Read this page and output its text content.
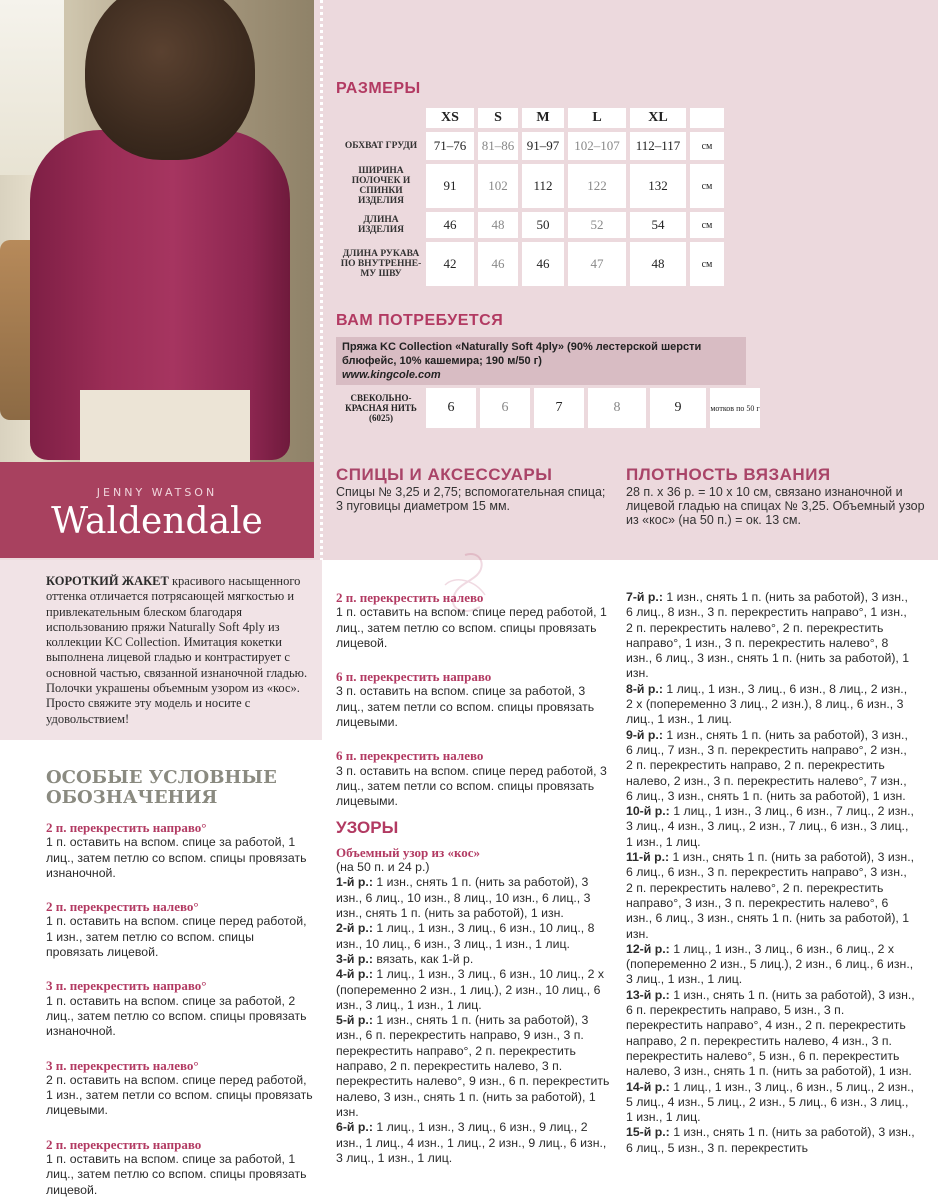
JENNY WATSON
Waldendale
РАЗМЕРЫ
	XS	S	M	L	XL	
ОБХВАТ ГРУДИ	71–76	81–86	91–97	102–107	112–117	см
ШИРИНА ПОЛОЧЕК И СПИНКИ ИЗДЕЛИЯ	91	102	112	122	132	см
ДЛИНА ИЗДЕЛИЯ	46	48	50	52	54	см
ДЛИНА РУКАВА ПО ВНУТРЕННЕ-МУ ШВУ	42	46	46	47	48	см
ВАМ ПОТРЕБУЕТСЯ
Пряжа KC Collection «Naturally Soft 4ply» (90% лестерской шерсти блюфейс, 10% кашемира; 190 м/50 г)
www.kingcole.com
СВЕКОЛЬНО-КРАСНАЯ НИТЬ (6025)	6	6	7	8	9	мотков по 50 г
СПИЦЫ И АКСЕССУАРЫ

Спицы № 3,25 и 2,75; вспомогательная спица; 3 пуговицы диаметром 15 мм.

ПЛОТНОСТЬ ВЯЗАНИЯ

28 п. х 36 р. = 10 х 10 см, связано изнаночной и лицевой гладью на спицах № 3,25. Объемный узор из «кос» (на 50 п.) = ок. 13 см.

КОРОТКИЙ ЖАКЕТ красивого насыщенного оттенка отличается потрясающей мягкостью и привлекательным блеском благодаря использованию пряжи Naturally Soft 4ply из коллекции KC Collection. Имитация кокетки выполнена лицевой гладью и контрастирует с основной частью, связанной изнаночной гладью. Полочки украшены объемным узором из «кос». Просто свяжите эту модель и носите с удовольствием!
ОСОБЫЕ УСЛОВНЫЕ ОБОЗНАЧЕНИЯ
2 п. перекрестить направо°
1 п. оставить на вспом. спице за работой, 1 лиц., затем петлю со вспом. спицы провязать изнаночной.
2 п. перекрестить налево°
1 п. оставить на вспом. спице перед работой, 1 изн., затем петлю со вспом. спицы провязать лицевой.
3 п. перекрестить направо°
1 п. оставить на вспом. спице за работой, 2 лиц., затем петлю со вспом. спицы провязать изнаночной.
3 п. перекрестить налево°
2 п. оставить на вспом. спице перед работой, 1 изн., затем петли со вспом. спицы провязать лицевыми.
2 п. перекрестить направо
1 п. оставить на вспом. спице за работой, 1 лиц., затем петлю со вспом. спицы провязать лицевой.
2 п. перекрестить налево
1 п. оставить на вспом. спице перед работой, 1 лиц., затем петлю со вспом. спицы провязать лицевой.
6 п. перекрестить направо
3 п. оставить на вспом. спице за работой, 3 лиц., затем петли со вспом. спицы провязать лицевыми.
6 п. перекрестить налево
3 п. оставить на вспом. спице перед работой, 3 лиц., затем петли со вспом. спицы провязать лицевыми.
УЗОРЫ
Объемный узор из «кос»
(на 50 п. и 24 р.)
1-й р.: 1 изн., снять 1 п. (нить за работой), 3 изн., 6 лиц., 10 изн., 8 лиц., 10 изн., 6 лиц., 3 изн., снять 1 п. (нить за работой), 1 изн.
2-й р.: 1 лиц., 1 изн., 3 лиц., 6 изн., 10 лиц., 8 изн., 10 лиц., 6 изн., 3 лиц., 1 изн., 1 лиц.
3-й р.: вязать, как 1-й р.
4-й р.: 1 лиц., 1 изн., 3 лиц., 6 изн., 10 лиц., 2 х (попеременно 2 изн., 1 лиц.), 2 изн., 10 лиц., 6 изн., 3 лиц., 1 изн., 1 лиц.
5-й р.: 1 изн., снять 1 п. (нить за работой), 3 изн., 6 п. перекрестить направо, 9 изн., 3 п. перекрестить направо°, 2 п. перекрестить направо, 2 п. перекрестить налево, 3 п. перекрестить налево°, 9 изн., 6 п. перекрестить налево, 3 изн., снять 1 п. (нить за работой), 1 изн.
6-й р.: 1 лиц., 1 изн., 3 лиц., 6 изн., 9 лиц., 2 изн., 1 лиц., 4 изн., 1 лиц., 2 изн., 9 лиц., 6 изн., 3 лиц., 1 изн., 1 лиц.
7-й р.: 1 изн., снять 1 п. (нить за работой), 3 изн., 6 лиц., 8 изн., 3 п. перекрестить направо°, 1 изн., 2 п. перекрестить налево°, 2 п. перекрестить направо°, 1 изн., 3 п. перекрестить налево°, 8 изн., 6 лиц., 3 изн., снять 1 п. (нить за работой), 1 изн.
8-й р.: 1 лиц., 1 изн., 3 лиц., 6 изн., 8 лиц., 2 изн., 2 х (попеременно 3 лиц., 2 изн.), 8 лиц., 6 изн., 3 лиц., 1 изн., 1 лиц.
9-й р.: 1 изн., снять 1 п. (нить за работой), 3 изн., 6 лиц., 7 изн., 3 п. перекрестить направо°, 2 изн., 2 п. перекрестить направо, 2 п. перекрестить налево, 2 изн., 3 п. перекрестить налево°, 7 изн., 6 лиц., 3 изн., снять 1 п. (нить за работой), 1 изн.
10-й р.: 1 лиц., 1 изн., 3 лиц., 6 изн., 7 лиц., 2 изн., 3 лиц., 4 изн., 3 лиц., 2 изн., 7 лиц., 6 изн., 3 лиц., 1 изн., 1 лиц.
11-й р.: 1 изн., снять 1 п. (нить за работой), 3 изн., 6 лиц., 6 изн., 3 п. перекрестить направо°, 3 изн., 2 п. перекрестить налево°, 2 п. перекрестить направо°, 3 изн., 3 п. перекрестить налево°, 6 изн., 6 лиц., 3 изн., снять 1 п. (нить за работой), 1 изн.
12-й р.: 1 лиц., 1 изн., 3 лиц., 6 изн., 6 лиц., 2 х (попеременно 2 изн., 5 лиц.), 2 изн., 6 лиц., 6 изн., 3 лиц., 1 изн., 1 лиц.
13-й р.: 1 изн., снять 1 п. (нить за работой), 3 изн., 6 п. перекрестить направо, 5 изн., 3 п. перекрестить направо°, 4 изн., 2 п. перекрестить направо, 2 п. перекрестить налево, 4 изн., 3 п. перекрестить налево°, 5 изн., 6 п. перекрестить налево, 3 изн., снять 1 п. (нить за работой), 1 изн.
14-й р.: 1 лиц., 1 изн., 3 лиц., 6 изн., 5 лиц., 2 изн., 5 лиц., 4 изн., 5 лиц., 2 изн., 5 лиц., 6 изн., 3 лиц., 1 изн., 1 лиц.
15-й р.: 1 изн., снять 1 п. (нить за работой), 3 изн., 6 лиц., 5 изн., 3 п. перекрестить
